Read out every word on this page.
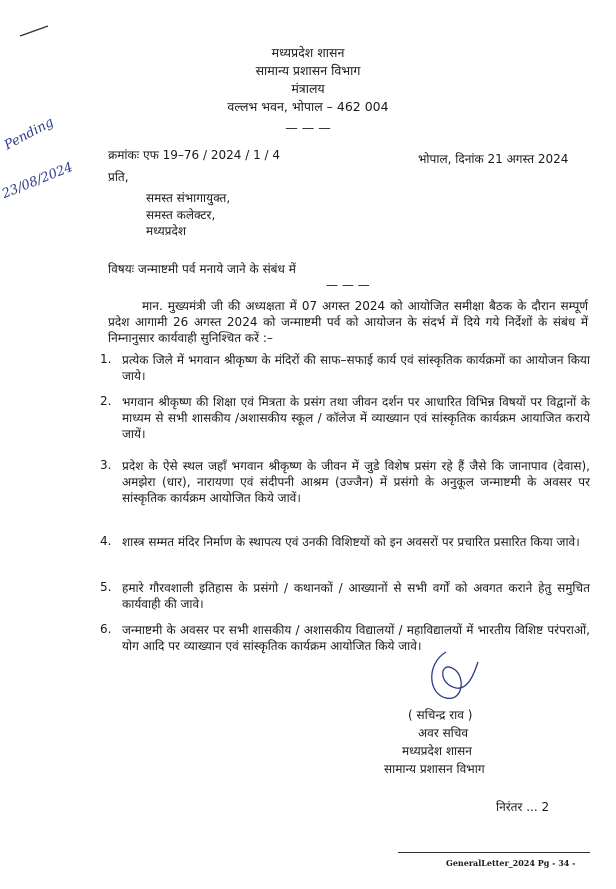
मध्यप्रदेश शासन
सामान्य प्रशासन विभाग
मंत्रालय
वल्लभ भवन, भोपाल – 462 004
— — —
Pending
23/08/2024
क्रमांकः एफ 19–76 / 2024 / 1 / 4	भोपाल, दिनांक 21 अगस्त 2024
प्रति,
समस्त संभागायुक्त,
समस्त कलेक्टर,
मध्यप्रदेश
विषयः जन्माष्टमी पर्व मनाये जाने के संबंध में
— — —
मान. मुख्यमंत्री जी की अध्यक्षता में 07 अगस्त 2024 को आयोजित समीक्षा बैठक के दौरान सम्पूर्ण प्रदेश आगामी 26 अगस्त 2024 को जन्माष्टमी पर्व को आयोजन के संदर्भ में दिये गये निर्देशों के संबंध में निम्नानुसार कार्यवाही सुनिश्चित करें :–
1. प्रत्येक जिले में भगवान श्रीकृष्ण के मंदिरों की साफ–सफाई कार्य एवं सांस्कृतिक कार्यक्रमों का आयोजन किया जाये।
2. भगवान श्रीकृष्ण की शिक्षा एवं मित्रता के प्रसंग तथा जीवन दर्शन पर आधारित विभिन्न विषयों पर विद्वानों के माध्यम से सभी शासकीय /अशासकीय स्कूल / कॉलेज में व्याख्यान एवं सांस्कृतिक कार्यक्रम आयाजित कराये जायें।
3. प्रदेश के ऐसे स्थल जहाँ भगवान श्रीकृष्ण के जीवन में जुडे विशेष प्रसंग रहे हैं जैसे कि जानापाव (देवास), अमझेरा (धार), नारायणा एवं संदीपनी आश्रम (उज्जैन) में प्रसंगो के अनुकूल जन्माष्टमी के अवसर पर सांस्कृतिक कार्यक्रम आयोजित किये जावें।
4. शास्त्र सम्मत मंदिर निर्माण के स्थापत्य एवं उनकी विशिष्टयों को इन अवसरों पर प्रचारित प्रसारित किया जावे।
5. हमारे गौरवशाली इतिहास के प्रसंगो / कथानकों / आख्यानों से सभी वर्गों को अवगत कराने हेतु समुचित कार्यवाही की जावे।
6. जन्माष्टमी के अवसर पर सभी शासकीय / अशासकीय विद्यालयों / महाविद्यालयों में भारतीय विशिष्ट परंपराओं, योग आदि पर व्याख्यान एवं सांस्कृतिक कार्यक्रम आयोजित किये जावे।
( सचिन्द्र राव )
अवर सचिव
मध्यप्रदेश शासन
सामान्य प्रशासन विभाग
निरंतर ... 2
GeneralLetter_2024 Pg - 34 -
